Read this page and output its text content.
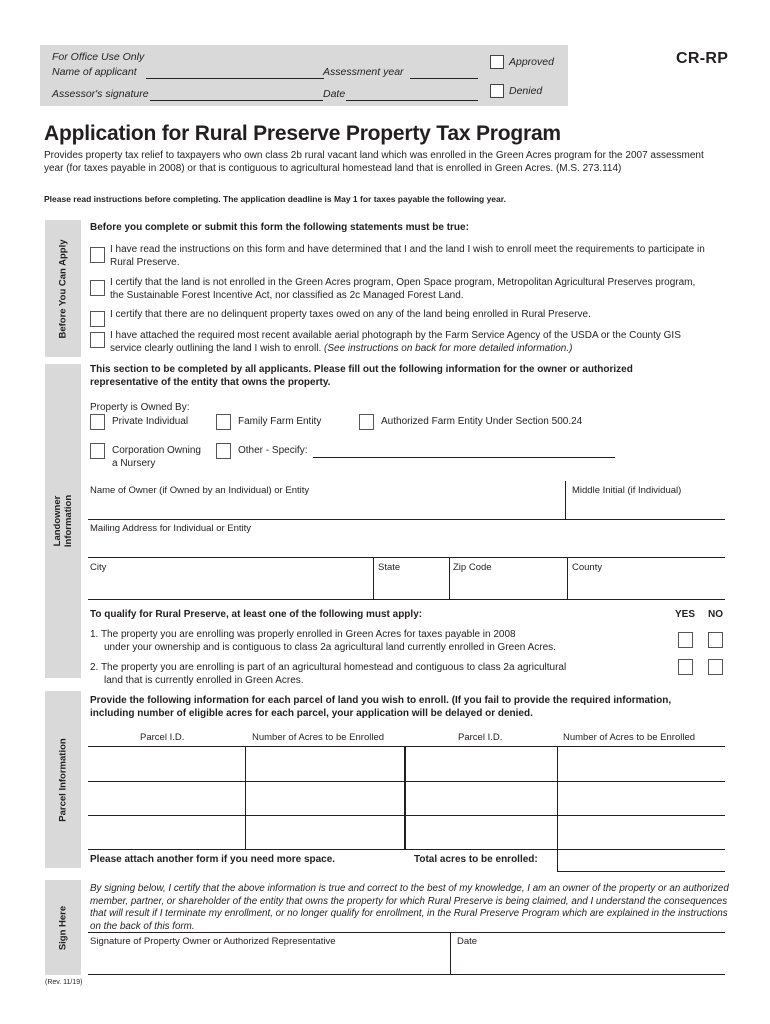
For Office Use Only
Name of applicant	Assessment year
Assessor's signature	Date
Approved
Denied
CR-RP
Application for Rural Preserve Property Tax Program
Provides property tax relief to taxpayers who own class 2b rural vacant land which was enrolled in the Green Acres program for the 2007 assessment year (for taxes payable in 2008) or that is contiguous to agricultural homestead land that is enrolled in Green Acres. (M.S. 273.114)
Please read instructions before completing. The application deadline is May 1 for taxes payable the following year.
Before You Can Apply
Before you complete or submit this form the following statements must be true:
I have read the instructions on this form and have determined that I and the land I wish to enroll meet the requirements to participate in Rural Preserve.
I certify that the land is not enrolled in the Green Acres program, Open Space program, Metropolitan Agricultural Preserves program, the Sustainable Forest Incentive Act, nor classified as 2c Managed Forest Land.
I certify that there are no delinquent property taxes owed on any of the land being enrolled in Rural Preserve.
I have attached the required most recent available aerial photograph by the Farm Service Agency of the USDA or the County GIS service clearly outlining the land I wish to enroll. (See instructions on back for more detailed information.)
Landowner
Information
This section to be completed by all applicants. Please fill out the following information for the owner or authorized representative of the entity that owns the property.
Property is Owned By:
Private Individual	Family Farm Entity	Authorized Farm Entity Under Section 500.24
Corporation Owning
a Nursery
Other - Specify:
Name of Owner (if Owned by an Individual) or Entity	Middle Initial (if Individual)
Mailing Address for Individual or Entity
City	State	Zip Code	County
To qualify for Rural Preserve, at least one of the following must apply:	YES NO
1. The property you are enrolling was properly enrolled in Green Acres for taxes payable in 2008
under your ownership and is contiguous to class 2a agricultural land currently enrolled in Green Acres.
2. The property you are enrolling is part of an agricultural homestead and contiguous to class 2a agricultural
land that is currently enrolled in Green Acres.
Parcel Information
Provide the following information for each parcel of land you wish to enroll. (If you fail to provide the required information, including number of eligible acres for each parcel, your application will be delayed or denied.
Parcel I.D.	Number of Acres to be Enrolled	Parcel I.D.	Number of Acres to be Enrolled
Please attach another form if you need more space.	Total acres to be enrolled:
Sign Here
By signing below, I certify that the above information is true and correct to the best of my knowledge, I am an owner of the property or an authorized member, partner, or shareholder of the entity that owns the property for which Rural Preserve is being claimed, and I understand the consequences that will result if I terminate my enrollment, or no longer qualify for enrollment, in the Rural Preserve Program which are explained in the instructions on the back of this form.
Signature of Property Owner or Authorized Representative	Date
(Rev. 11/19)
